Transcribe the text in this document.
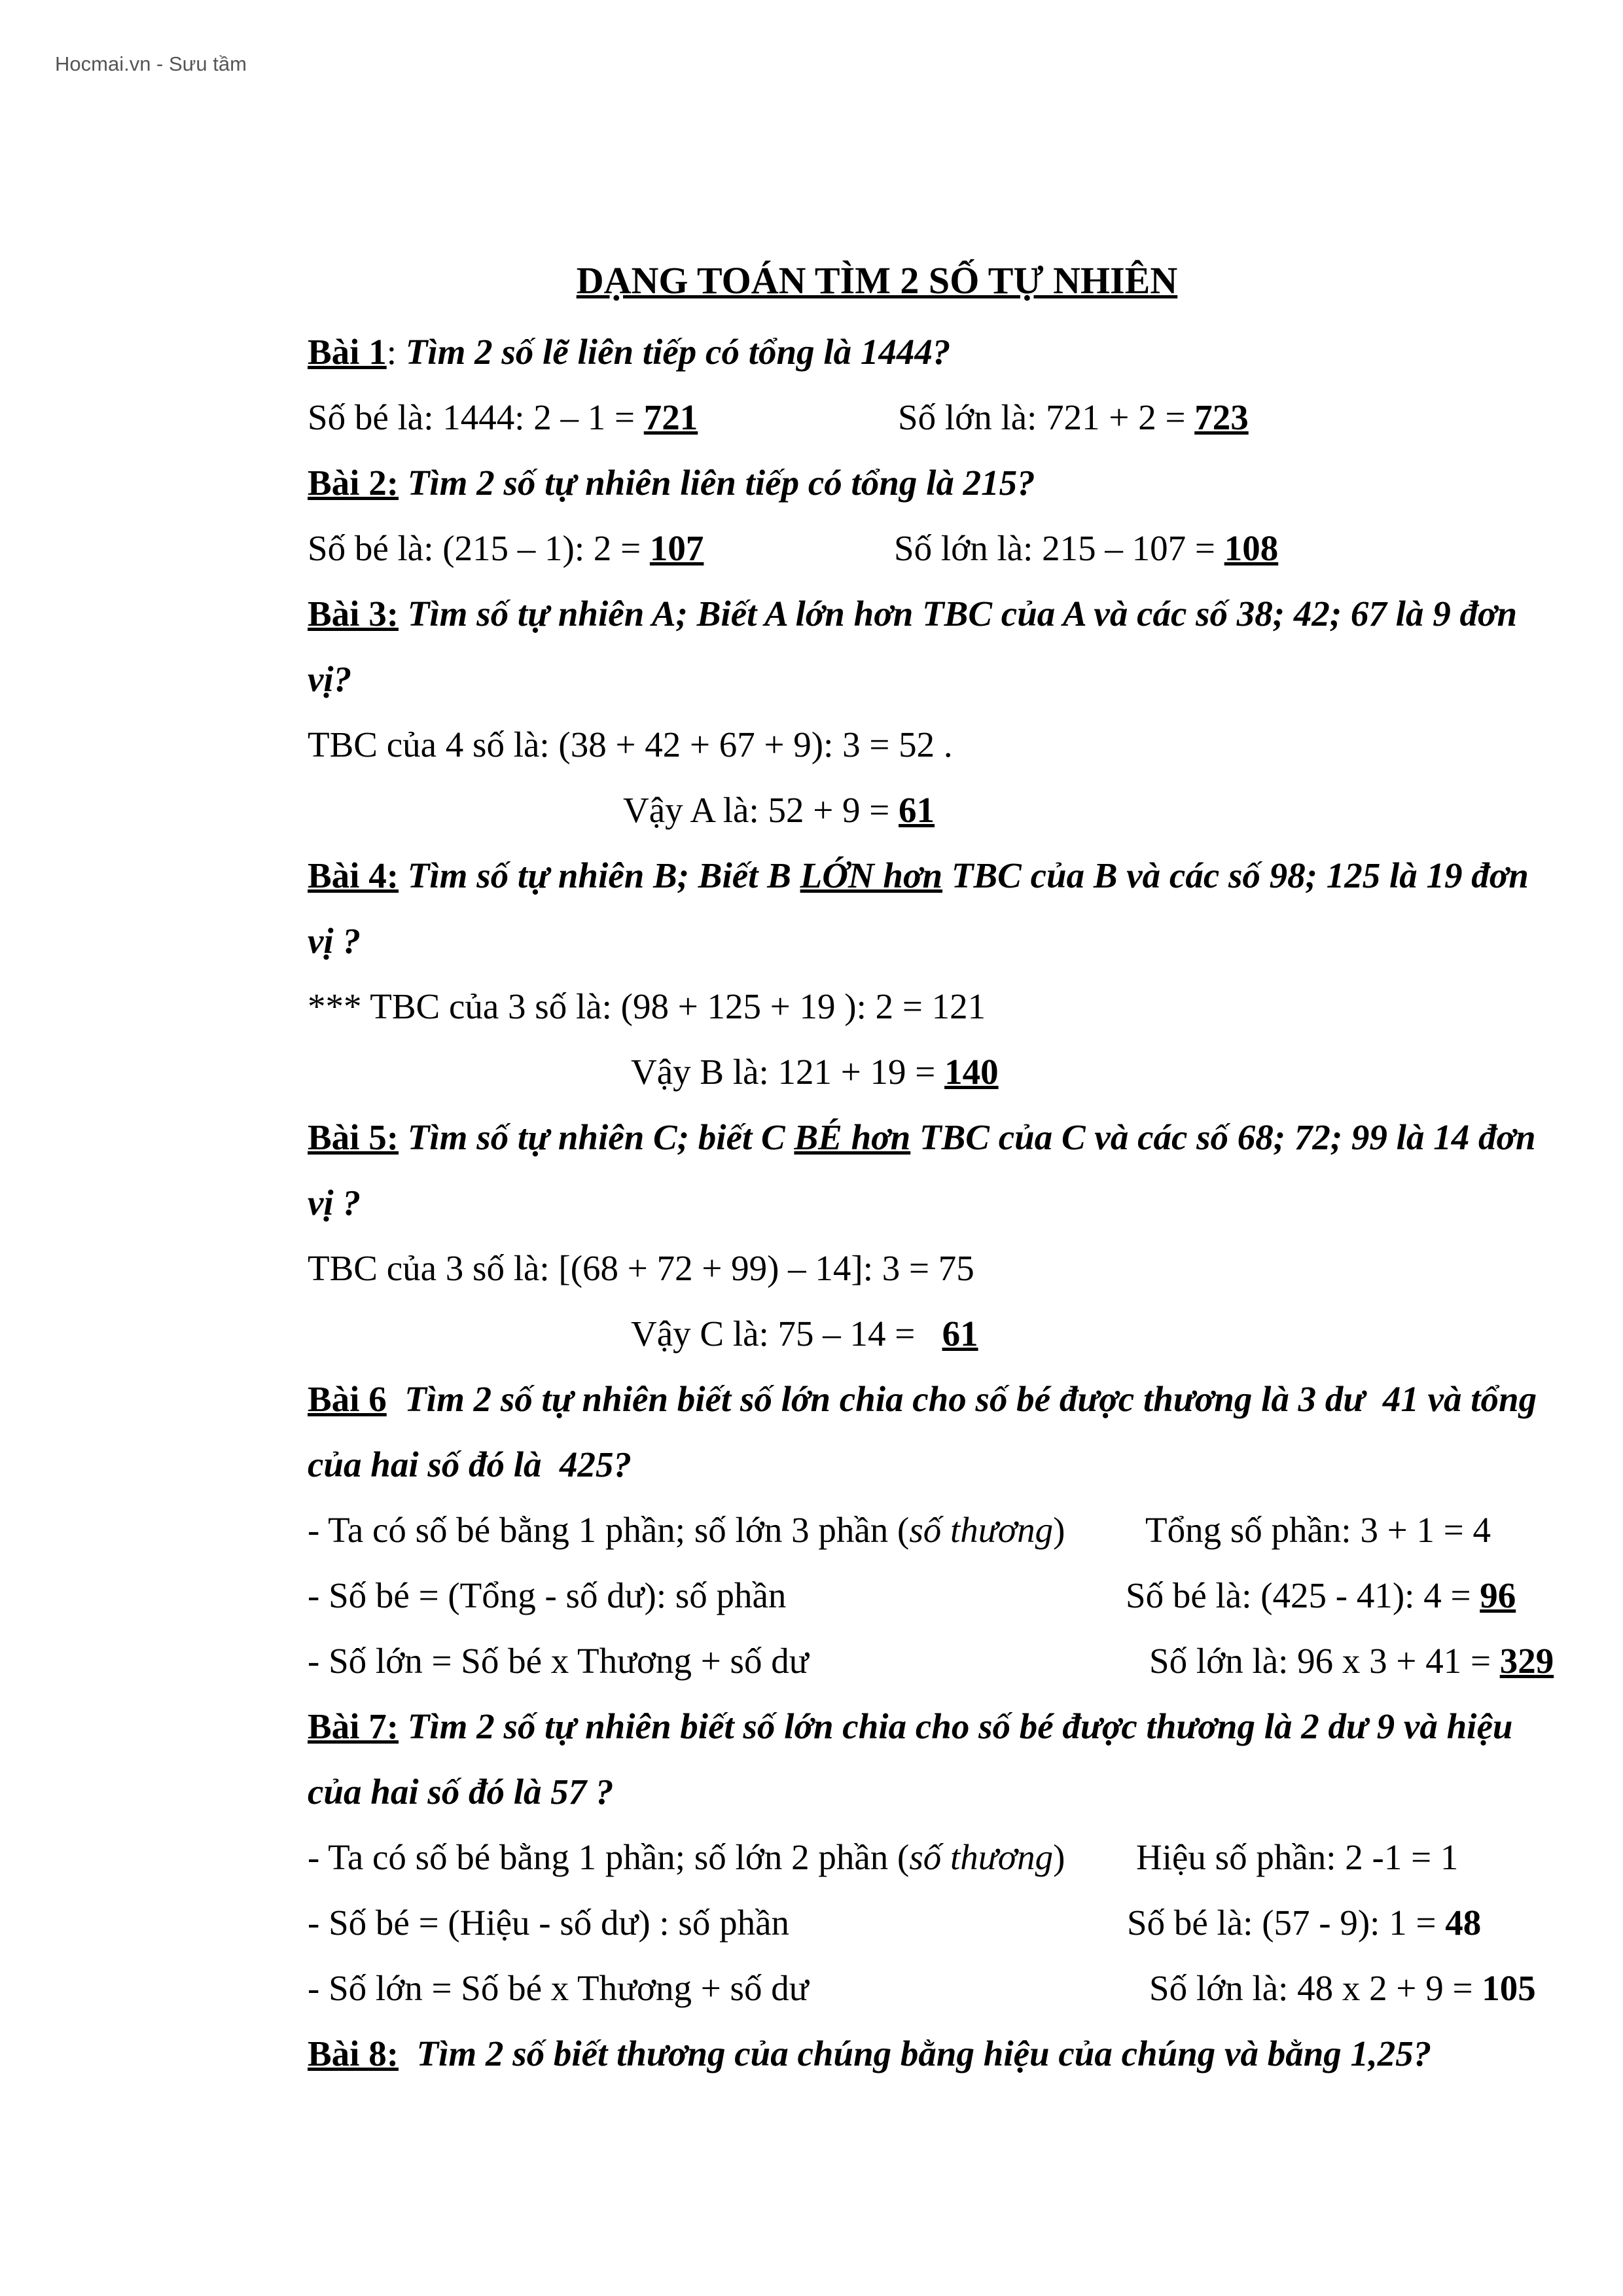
Hocmai.vn - Sưu tầm
DẠNG TOÁN TÌM 2 SỐ TỰ NHIÊN
Bài 1: Tìm 2 số lẽ liên tiếp có tổng là 1444?
Số bé là: 1444: 2 – 1 = 721	Số lớn là: 721 + 2 = 723
Bài 2: Tìm 2 số tự nhiên liên tiếp có tổng là 215?
Số bé là: (215 – 1): 2 = 107	Số lớn là: 215 – 107 = 108
Bài 3: Tìm số tự nhiên A; Biết A lớn hơn TBC của A và các số 38; 42; 67 là 9 đơn
vị?
TBC của 4 số là: (38 + 42 + 67 + 9): 3 = 52 .
Vậy A là: 52 + 9 = 61
Bài 4: Tìm số tự nhiên B; Biết B LỚN hơn TBC của B và các số 98; 125 là 19 đơn
vị ?
*** TBC của 3 số là: (98 + 125 + 19 ): 2 = 121
Vậy B là: 121 + 19 = 140
Bài 5: Tìm số tự nhiên C; biết C BÉ hơn TBC của C và các số 68; 72; 99 là 14 đơn
vị ?
TBC của 3 số là: [(68 + 72 + 99) – 14]: 3 = 75
Vậy C là: 75 – 14 =   61
Bài 6  Tìm 2 số tự nhiên biết số lớn chia cho số bé được thương là 3 dư  41 và tổng
của hai số đó là  425?
- Ta có số bé bằng 1 phần; số lớn 3 phần (số thương) Tổng số phần: 3 + 1 = 4
- Số bé = (Tổng - số dư): số phần	Số bé là: (425 - 41): 4 = 96
- Số lớn = Số bé x Thương + số dư	Số lớn là: 96 x 3 + 41 = 329
Bài 7: Tìm 2 số tự nhiên biết số lớn chia cho số bé được thương là 2 dư 9 và hiệu
của hai số đó là 57 ?
- Ta có số bé bằng 1 phần; số lớn 2 phần (số thương) Hiệu số phần: 2 -1 = 1
- Số bé = (Hiệu - số dư) : số phần	Số bé là: (57 - 9): 1 = 48
- Số lớn = Số bé x Thương + số dư	Số lớn là: 48 x 2 + 9 = 105
Bài 8:  Tìm 2 số biết thương của chúng bằng hiệu của chúng và bằng 1,25?
